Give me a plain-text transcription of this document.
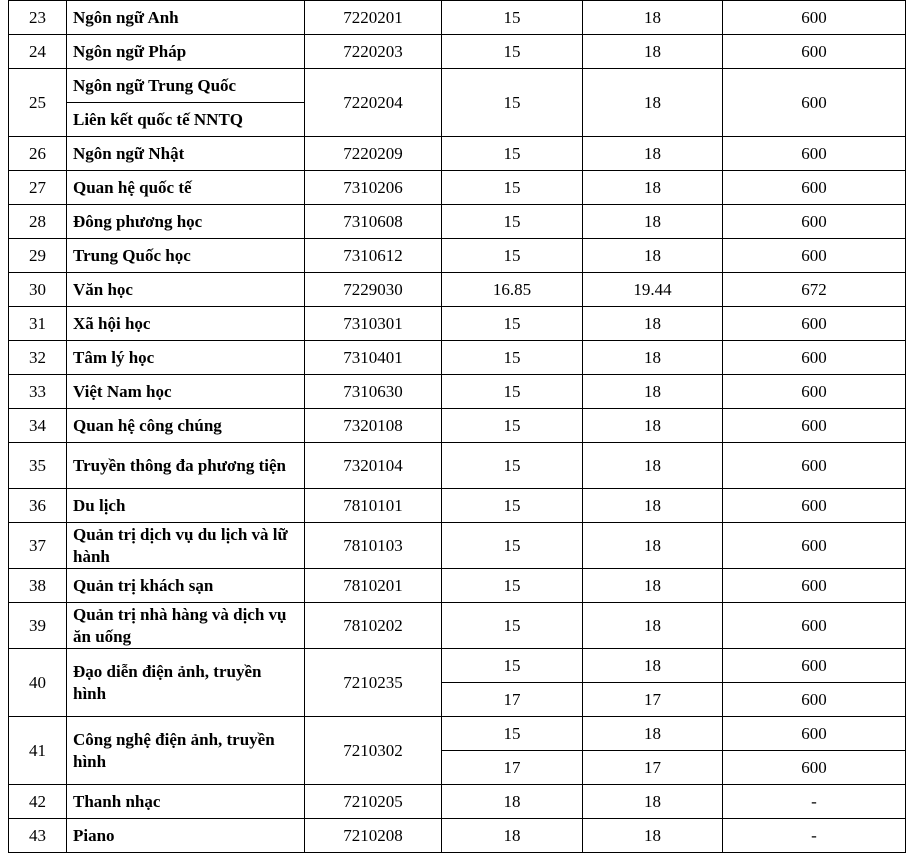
23	Ngôn ngữ Anh	7220201	15	18	600
24	Ngôn ngữ Pháp	7220203	15	18	600
25	Ngôn ngữ Trung Quốc	7220204	15	18	600
	Liên kết quốc tế NNTQ				
26	Ngôn ngữ Nhật	7220209	15	18	600
27	Quan hệ quốc tế	7310206	15	18	600
28	Đông phương học	7310608	15	18	600
29	Trung Quốc học	7310612	15	18	600
30	Văn học	7229030	16.85	19.44	672
31	Xã hội học	7310301	15	18	600
32	Tâm lý học	7310401	15	18	600
33	Việt Nam học	7310630	15	18	600
34	Quan hệ công chúng	7320108	15	18	600
35	Truyền thông đa phương tiện	7320104	15	18	600
36	Du lịch	7810101	15	18	600
37	Quản trị dịch vụ du lịch và lữ hành	7810103	15	18	600
38	Quản trị khách sạn	7810201	15	18	600
39	Quản trị nhà hàng và dịch vụ ăn uống	7810202	15	18	600
40	Đạo diễn điện ảnh, truyền hình	7210235	15	18	600
			17	17	600
41	Công nghệ điện ảnh, truyền hình	7210302	15	18	600
			17	17	600
42	Thanh nhạc	7210205	18	18	-
43	Piano	7210208	18	18	-
